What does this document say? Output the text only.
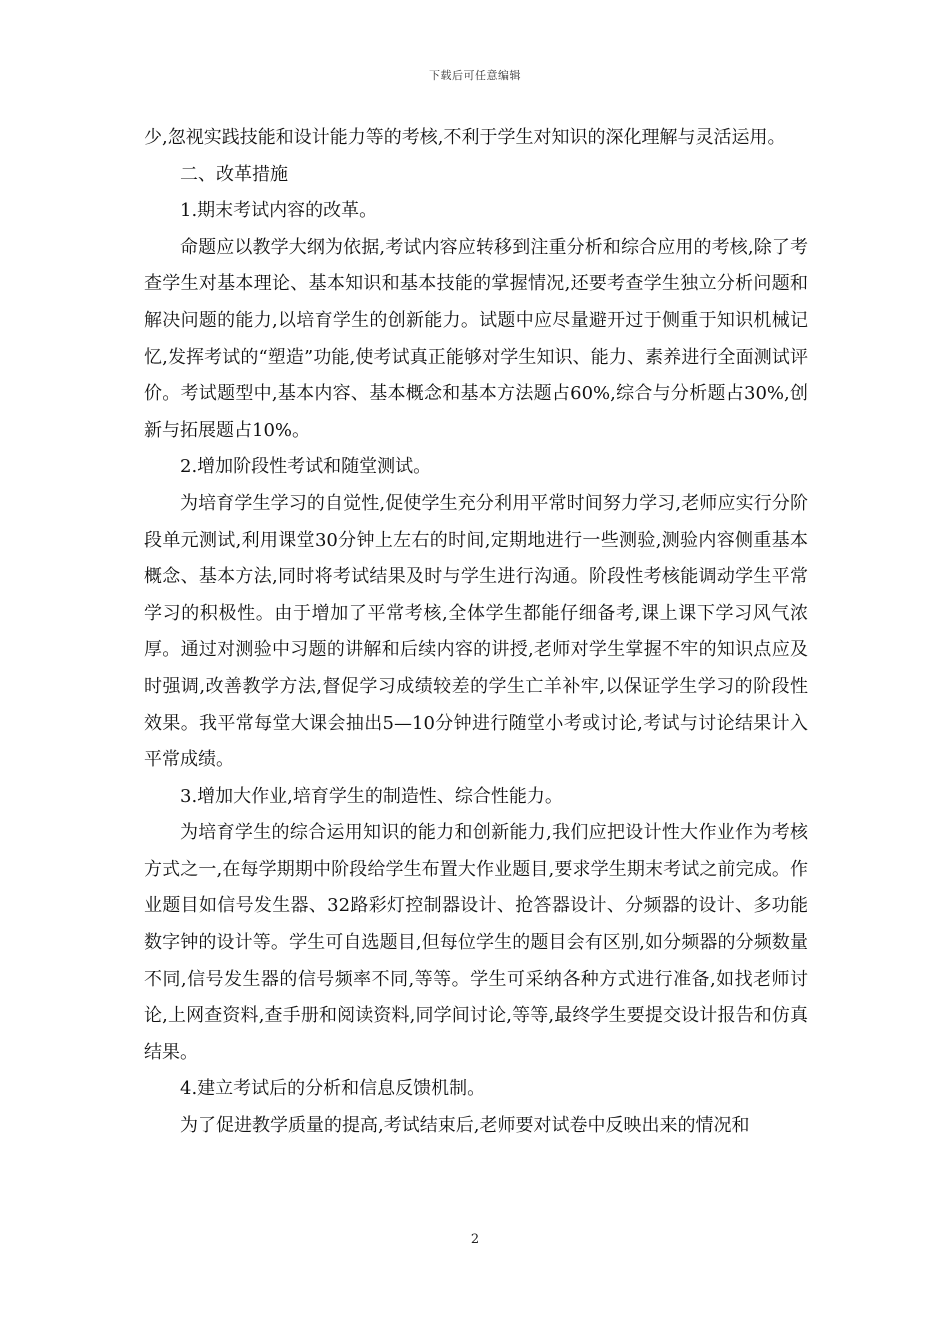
下载后可任意编辑

少,忽视实践技能和设计能力等的考核,不利于学生对知识的深化理解与灵活运用。

二、改革措施

1.期末考试内容的改革。

命题应以教学大纲为依据,考试内容应转移到注重分析和综合应用的考核,除了考查学生对基本理论、基本知识和基本技能的掌握情况,还要考查学生独立分析问题和解决问题的能力,以培育学生的创新能力。试题中应尽量避开过于侧重于知识机械记忆,发挥考试的“塑造”功能,使考试真正能够对学生知识、能力、素养进行全面测试评价。考试题型中,基本内容、基本概念和基本方法题占60%,综合与分析题占30%,创新与拓展题占10%。

2.增加阶段性考试和随堂测试。

为培育学生学习的自觉性,促使学生充分利用平常时间努力学习,老师应实行分阶段单元测试,利用课堂30分钟上左右的时间,定期地进行一些测验,测验内容侧重基本概念、基本方法,同时将考试结果及时与学生进行沟通。阶段性考核能调动学生平常学习的积极性。由于增加了平常考核,全体学生都能仔细备考,课上课下学习风气浓厚。通过对测验中习题的讲解和后续内容的讲授,老师对学生掌握不牢的知识点应及时强调,改善教学方法,督促学习成绩较差的学生亡羊补牢,以保证学生学习的阶段性效果。我平常每堂大课会抽出5—10分钟进行随堂小考或讨论,考试与讨论结果计入平常成绩。

3.增加大作业,培育学生的制造性、综合性能力。

为培育学生的综合运用知识的能力和创新能力,我们应把设计性大作业作为考核方式之一,在每学期期中阶段给学生布置大作业题目,要求学生期末考试之前完成。作业题目如信号发生器、32路彩灯控制器设计、抢答器设计、分频器的设计、多功能数字钟的设计等。学生可自选题目,但每位学生的题目会有区别,如分频器的分频数量不同,信号发生器的信号频率不同,等等。学生可采纳各种方式进行准备,如找老师讨论,上网查资料,查手册和阅读资料,同学间讨论,等等,最终学生要提交设计报告和仿真结果。

4.建立考试后的分析和信息反馈机制。

为了促进教学质量的提高,考试结束后,老师要对试卷中反映出来的情况和

2
